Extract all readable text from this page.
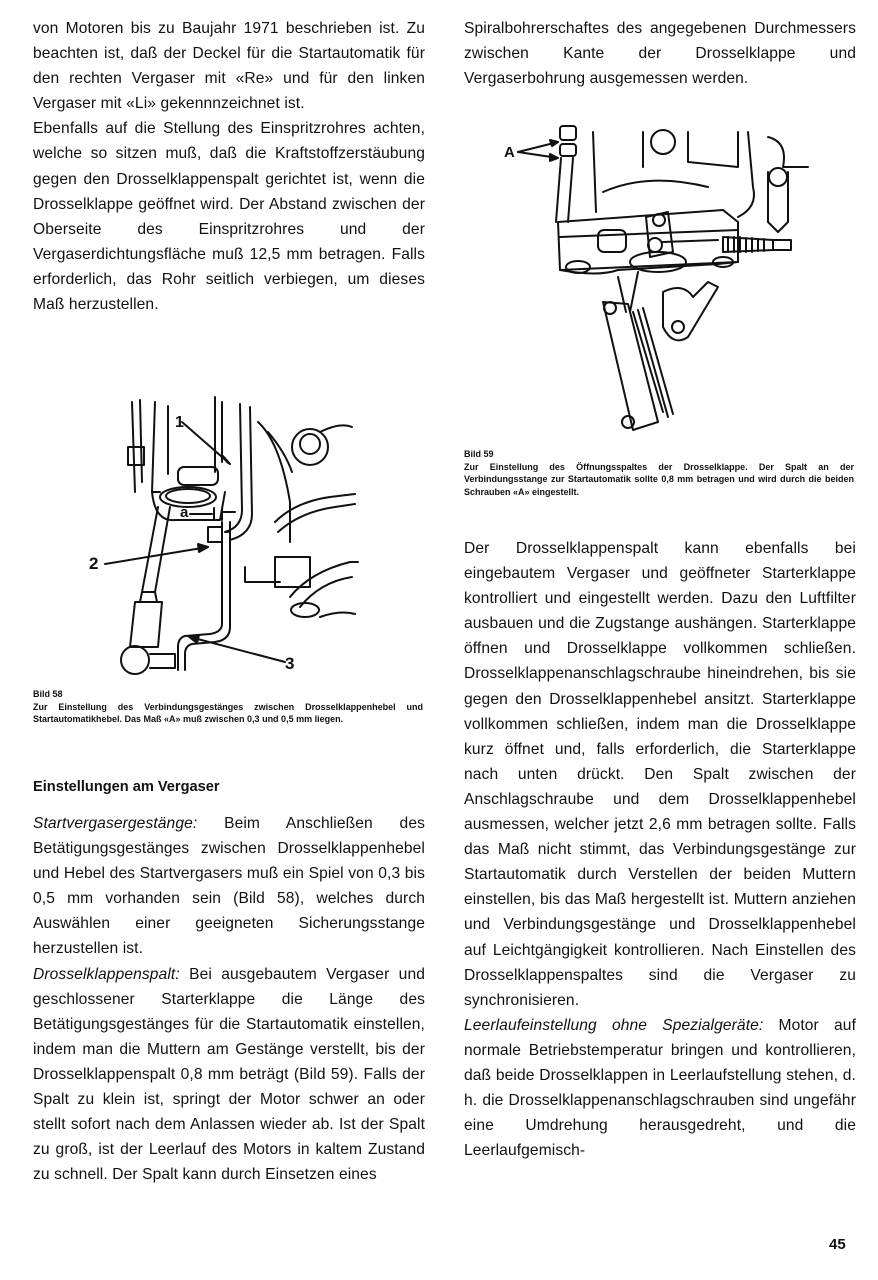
von Motoren bis zu Baujahr 1971 beschrieben ist. Zu beachten ist, daß der Deckel für die Startautomatik für den rechten Vergaser mit «Re» und für den linken Vergaser mit «Li» gekennnzeichnet ist.

Ebenfalls auf die Stellung des Einspritzrohres achten, welche so sitzen muß, daß die Kraftstoffzerstäubung gegen den Drosselklappenspalt gerichtet ist, wenn die Drosselklappe geöffnet wird. Der Abstand zwischen der Oberseite des Einspritzrohres und der Vergaserdichtungsfläche muß 12,5 mm betragen. Falls erforderlich, das Rohr seitlich verbiegen, um dieses Maß herzustellen.

1
a
2
3
Bild 58
Zur Einstellung des Verbindungsgestänges zwischen Drosselklappenhebel und Startautomatikhebel. Das Maß «A» muß zwischen 0,3 und 0,5 mm liegen.
Einstellungen am Vergaser

Startvergasergestänge: Beim Anschließen des Betätigungsgestänges zwischen Drosselklappenhebel und Hebel des Startvergasers muß ein Spiel von 0,3 bis 0,5 mm vorhanden sein (Bild 58), welches durch Auswählen einer geeigneten Sicherungsstange herzustellen ist.

Drosselklappenspalt: Bei ausgebautem Vergaser und geschlossener Starterklappe die Länge des Betätigungsgestänges für die Startautomatik einstellen, indem man die Muttern am Gestänge verstellt, bis der Drosselklappenspalt 0,8 mm beträgt (Bild 59). Falls der Spalt zu klein ist, springt der Motor schwer an oder stellt sofort nach dem Anlassen wieder ab. Ist der Spalt zu groß, ist der Leerlauf des Motors in kaltem Zustand zu schnell. Der Spalt kann durch Einsetzen eines

Spiralbohrerschaftes des angegebenen Durchmessers zwischen Kante der Drosselklappe und Vergaserbohrung ausgemessen werden.

A
Bild 59
Zur Einstellung des Öffnungsspaltes der Drosselklappe. Der Spalt an der Verbindungsstange zur Startautomatik sollte 0,8 mm betragen und wird durch die beiden Schrauben «A» eingestellt.

Der Drosselklappenspalt kann ebenfalls bei eingebautem Vergaser und geöffneter Starterklappe kontrolliert und eingestellt werden. Dazu den Luftfilter ausbauen und die Zugstange aushängen. Starterklappe öffnen und Drosselklappe vollkommen schließen. Drosselklappenanschlagschraube hineindrehen, bis sie gegen den Drosselklappenhebel ansitzt. Starterklappe vollkommen schließen, indem man die Drosselklappe kurz öffnet und, falls erforderlich, die Starterklappe nach unten drückt. Den Spalt zwischen der Anschlagschraube und dem Drosselklappenhebel ausmessen, welcher jetzt 2,6 mm betragen sollte. Falls das Maß nicht stimmt, das Verbindungsgestänge zur Startautomatik durch Verstellen der beiden Muttern einstellen, bis das Maß hergestellt ist. Muttern anziehen und Verbindungsgestänge und Drosselklappenhebel auf Leichtgängigkeit kontrollieren. Nach Einstellen des Drosselklappenspaltes sind die Vergaser zu synchronisieren.

Leerlaufeinstellung ohne Spezialgeräte: Motor auf normale Betriebstemperatur bringen und kontrollieren, daß beide Drosselklappen in Leerlaufstellung stehen, d. h. die Drosselklappenanschlagschrauben sind ungefähr eine Umdrehung herausgedreht, und die Leerlaufgemisch-

45
